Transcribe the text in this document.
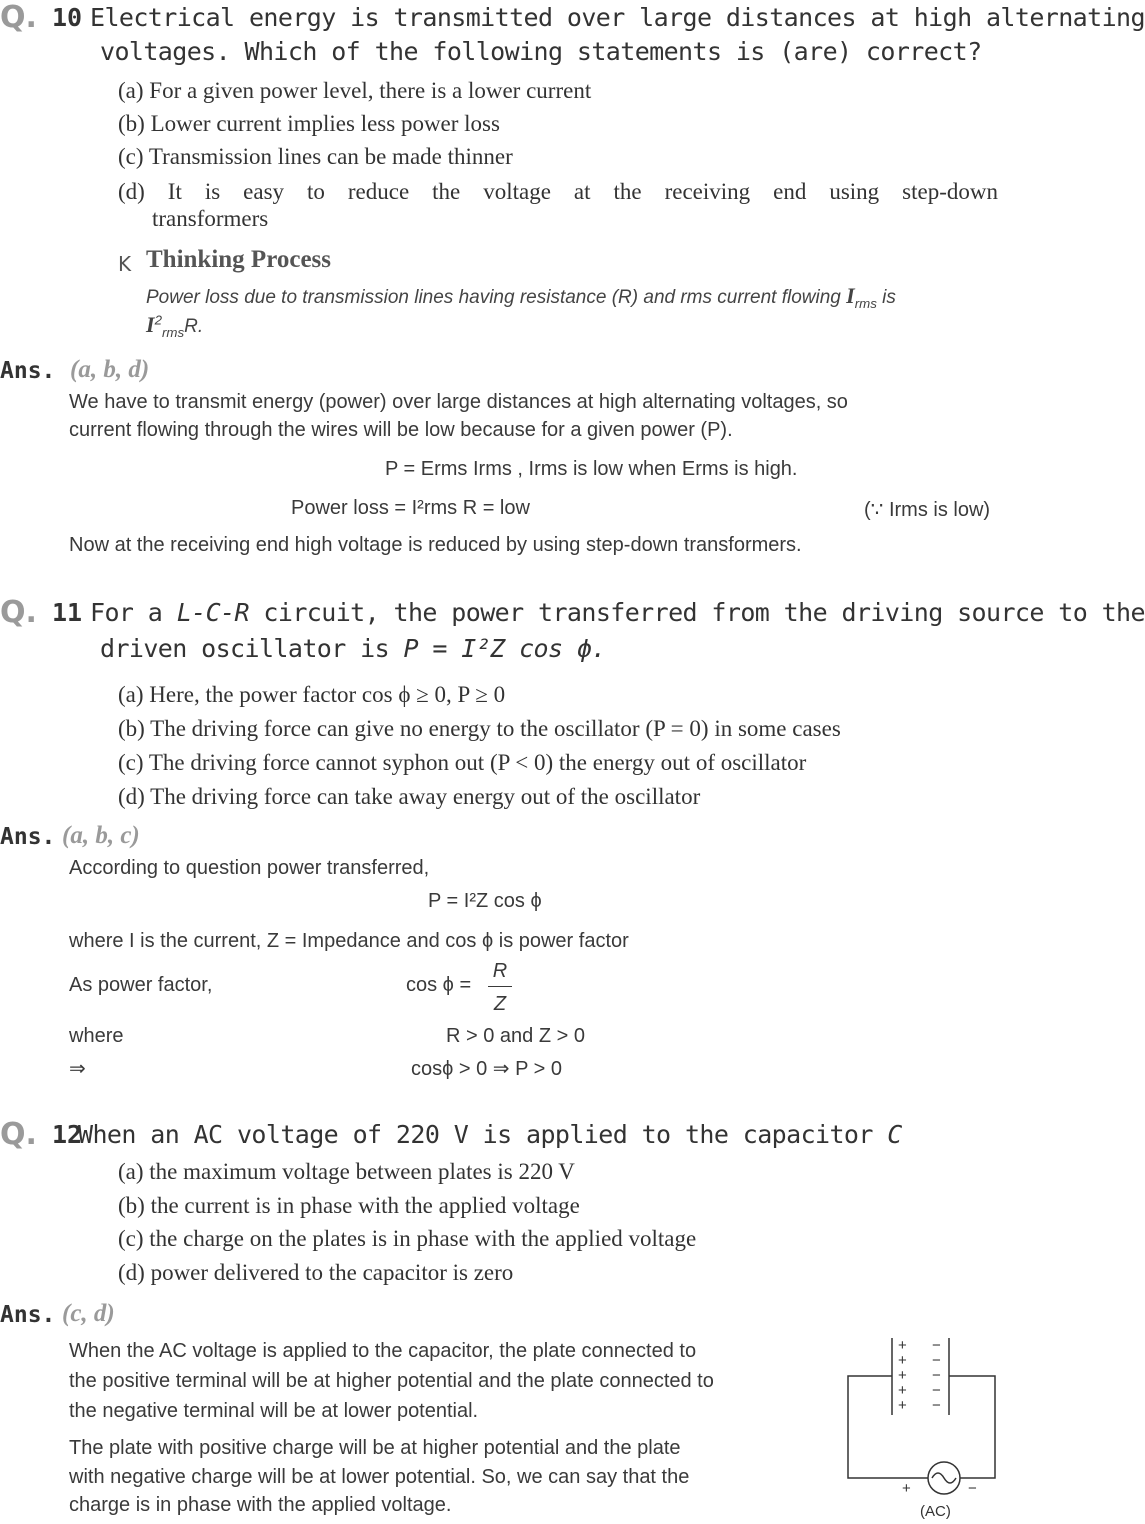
Q. 10 Electrical energy is transmitted over large distances at high alternating
voltages. Which of the following statements is (are) correct?
(a) For a given power level, there is a lower current
(b) Lower current implies less power loss
(c) Transmission lines can be made thinner
(d) It is easy to reduce the voltage at the receiving end using step-down
transformers
K Thinking Process
Power loss due to transmission lines having resistance (R) and rms current flowing $I_{rms}$ is
$I^2_{rms}R$.
Ans. (a, b, d)
We have to transmit energy (power) over large distances at high alternating voltages, so
current flowing through the wires will be low because for a given power (P).
P = Erms Irms , Irms is low when Erms is high.
Power loss = I²rms R = low	(∵ Irms is low)
Now at the receiving end high voltage is reduced by using step-down transformers.
Q. 11 For a L-C-R circuit, the power transferred from the driving source to the
driven oscillator is P = I²Z cos ϕ.
(a) Here, the power factor cos ϕ ≥ 0, P ≥ 0
(b) The driving force can give no energy to the oscillator (P = 0) in some cases
(c) The driving force cannot syphon out (P < 0) the energy out of oscillator
(d) The driving force can take away energy out of the oscillator
Ans. (a, b, c)
According to question power transferred,
P = I²Z cos ϕ
where I is the current, Z = Impedance and cos ϕ is power factor
As power factor,	cos ϕ =
R
Z
where	R > 0 and Z > 0
⇒	cosϕ > 0 ⇒ P > 0
Q. 12
When an AC voltage of 220 V is applied to the capacitor C
(a) the maximum voltage between plates is 220 V
(b) the current is in phase with the applied voltage
(c) the charge on the plates is in phase with the applied voltage
(d) power delivered to the capacitor is zero
Ans. (c, d)
When the AC voltage is applied to the capacitor, the plate connected to
the positive terminal will be at higher potential and the plate connected to
the negative terminal will be at lower potential.
The plate with positive charge will be at higher potential and the plate
with negative charge will be at lower potential. So, we can say that the
charge is in phase with the applied voltage.
+
+
+
+
+
−
−
−
−
−
+	−
(AC)
